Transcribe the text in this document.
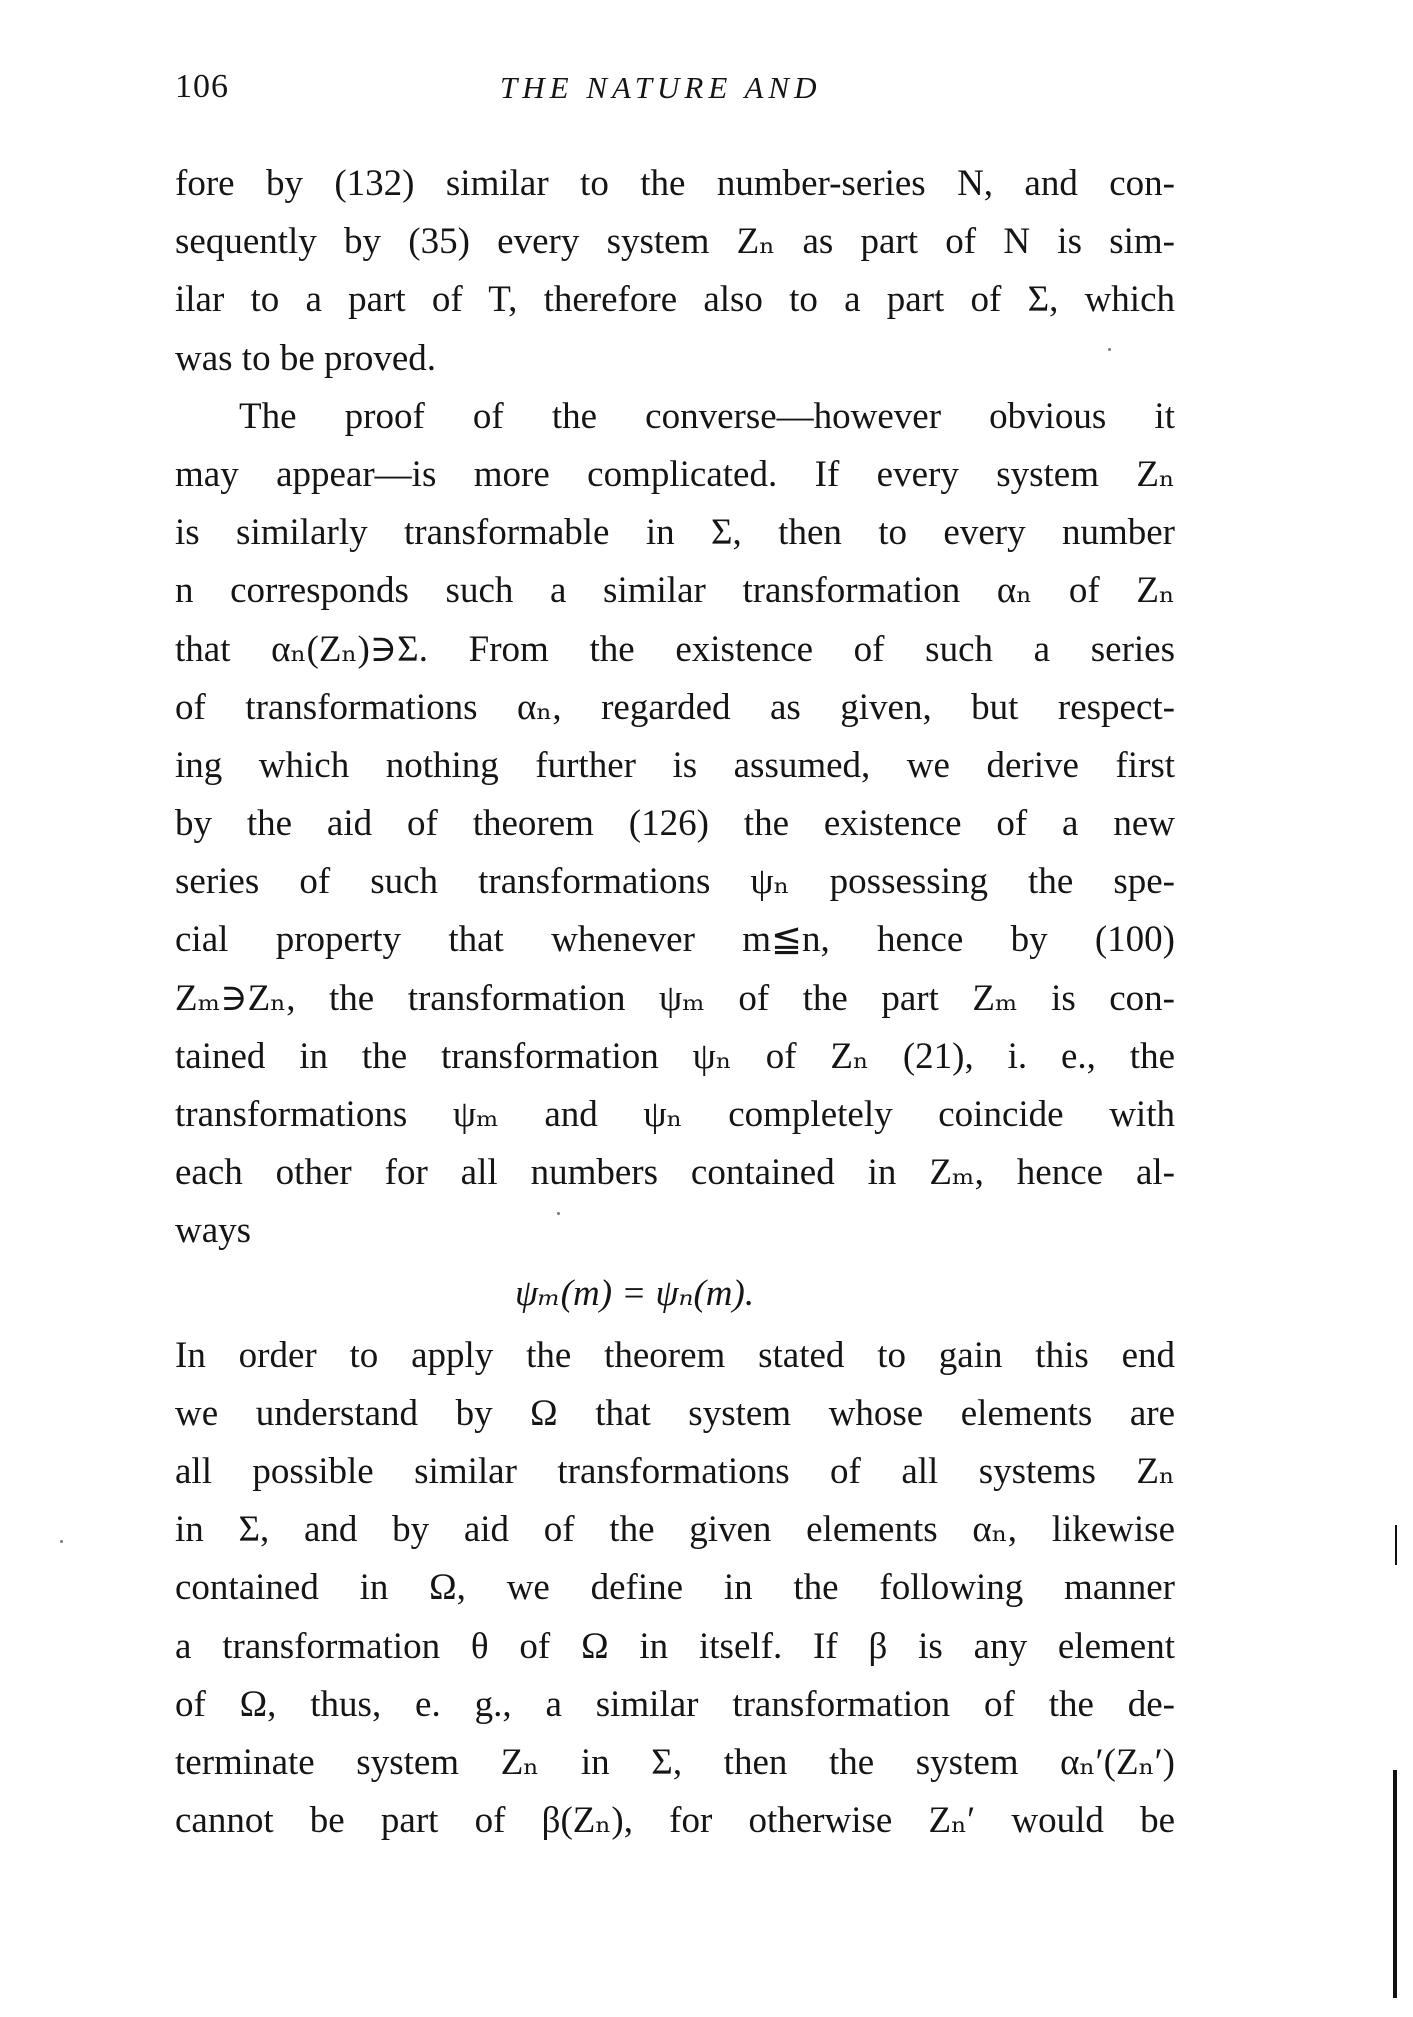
106	THE NATURE AND
fore by (132) similar to the number-series N, and con-
sequently by (35) every system Zₙ as part of N is sim-
ilar to a part of T, therefore also to a part of Σ, which
was to be proved.
The proof of the converse—however obvious it
may appear—is more complicated. If every system Zₙ
is similarly transformable in Σ, then to every number
n corresponds such a similar transformation αₙ of Zₙ
that αₙ(Zₙ)∋Σ. From the existence of such a series
of transformations αₙ, regarded as given, but respect-
ing which nothing further is assumed, we derive first
by the aid of theorem (126) the existence of a new
series of such transformations ψₙ possessing the spe-
cial property that whenever m≦n, hence by (100)
Zₘ∋Zₙ, the transformation ψₘ of the part Zₘ is con-
tained in the transformation ψₙ of Zₙ (21), i. e., the
transformations ψₘ and ψₙ completely coincide with
each other for all numbers contained in Zₘ, hence al-
ways
ψₘ(m) = ψₙ(m).
In order to apply the theorem stated to gain this end
we understand by Ω that system whose elements are
all possible similar transformations of all systems Zₙ
in Σ, and by aid of the given elements αₙ, likewise
contained in Ω, we define in the following manner
a transformation θ of Ω in itself. If β is any element
of Ω, thus, e. g., a similar transformation of the de-
terminate system Zₙ in Σ, then the system αₙ′(Zₙ′)
cannot be part of β(Zₙ), for otherwise Zₙ′ would be
